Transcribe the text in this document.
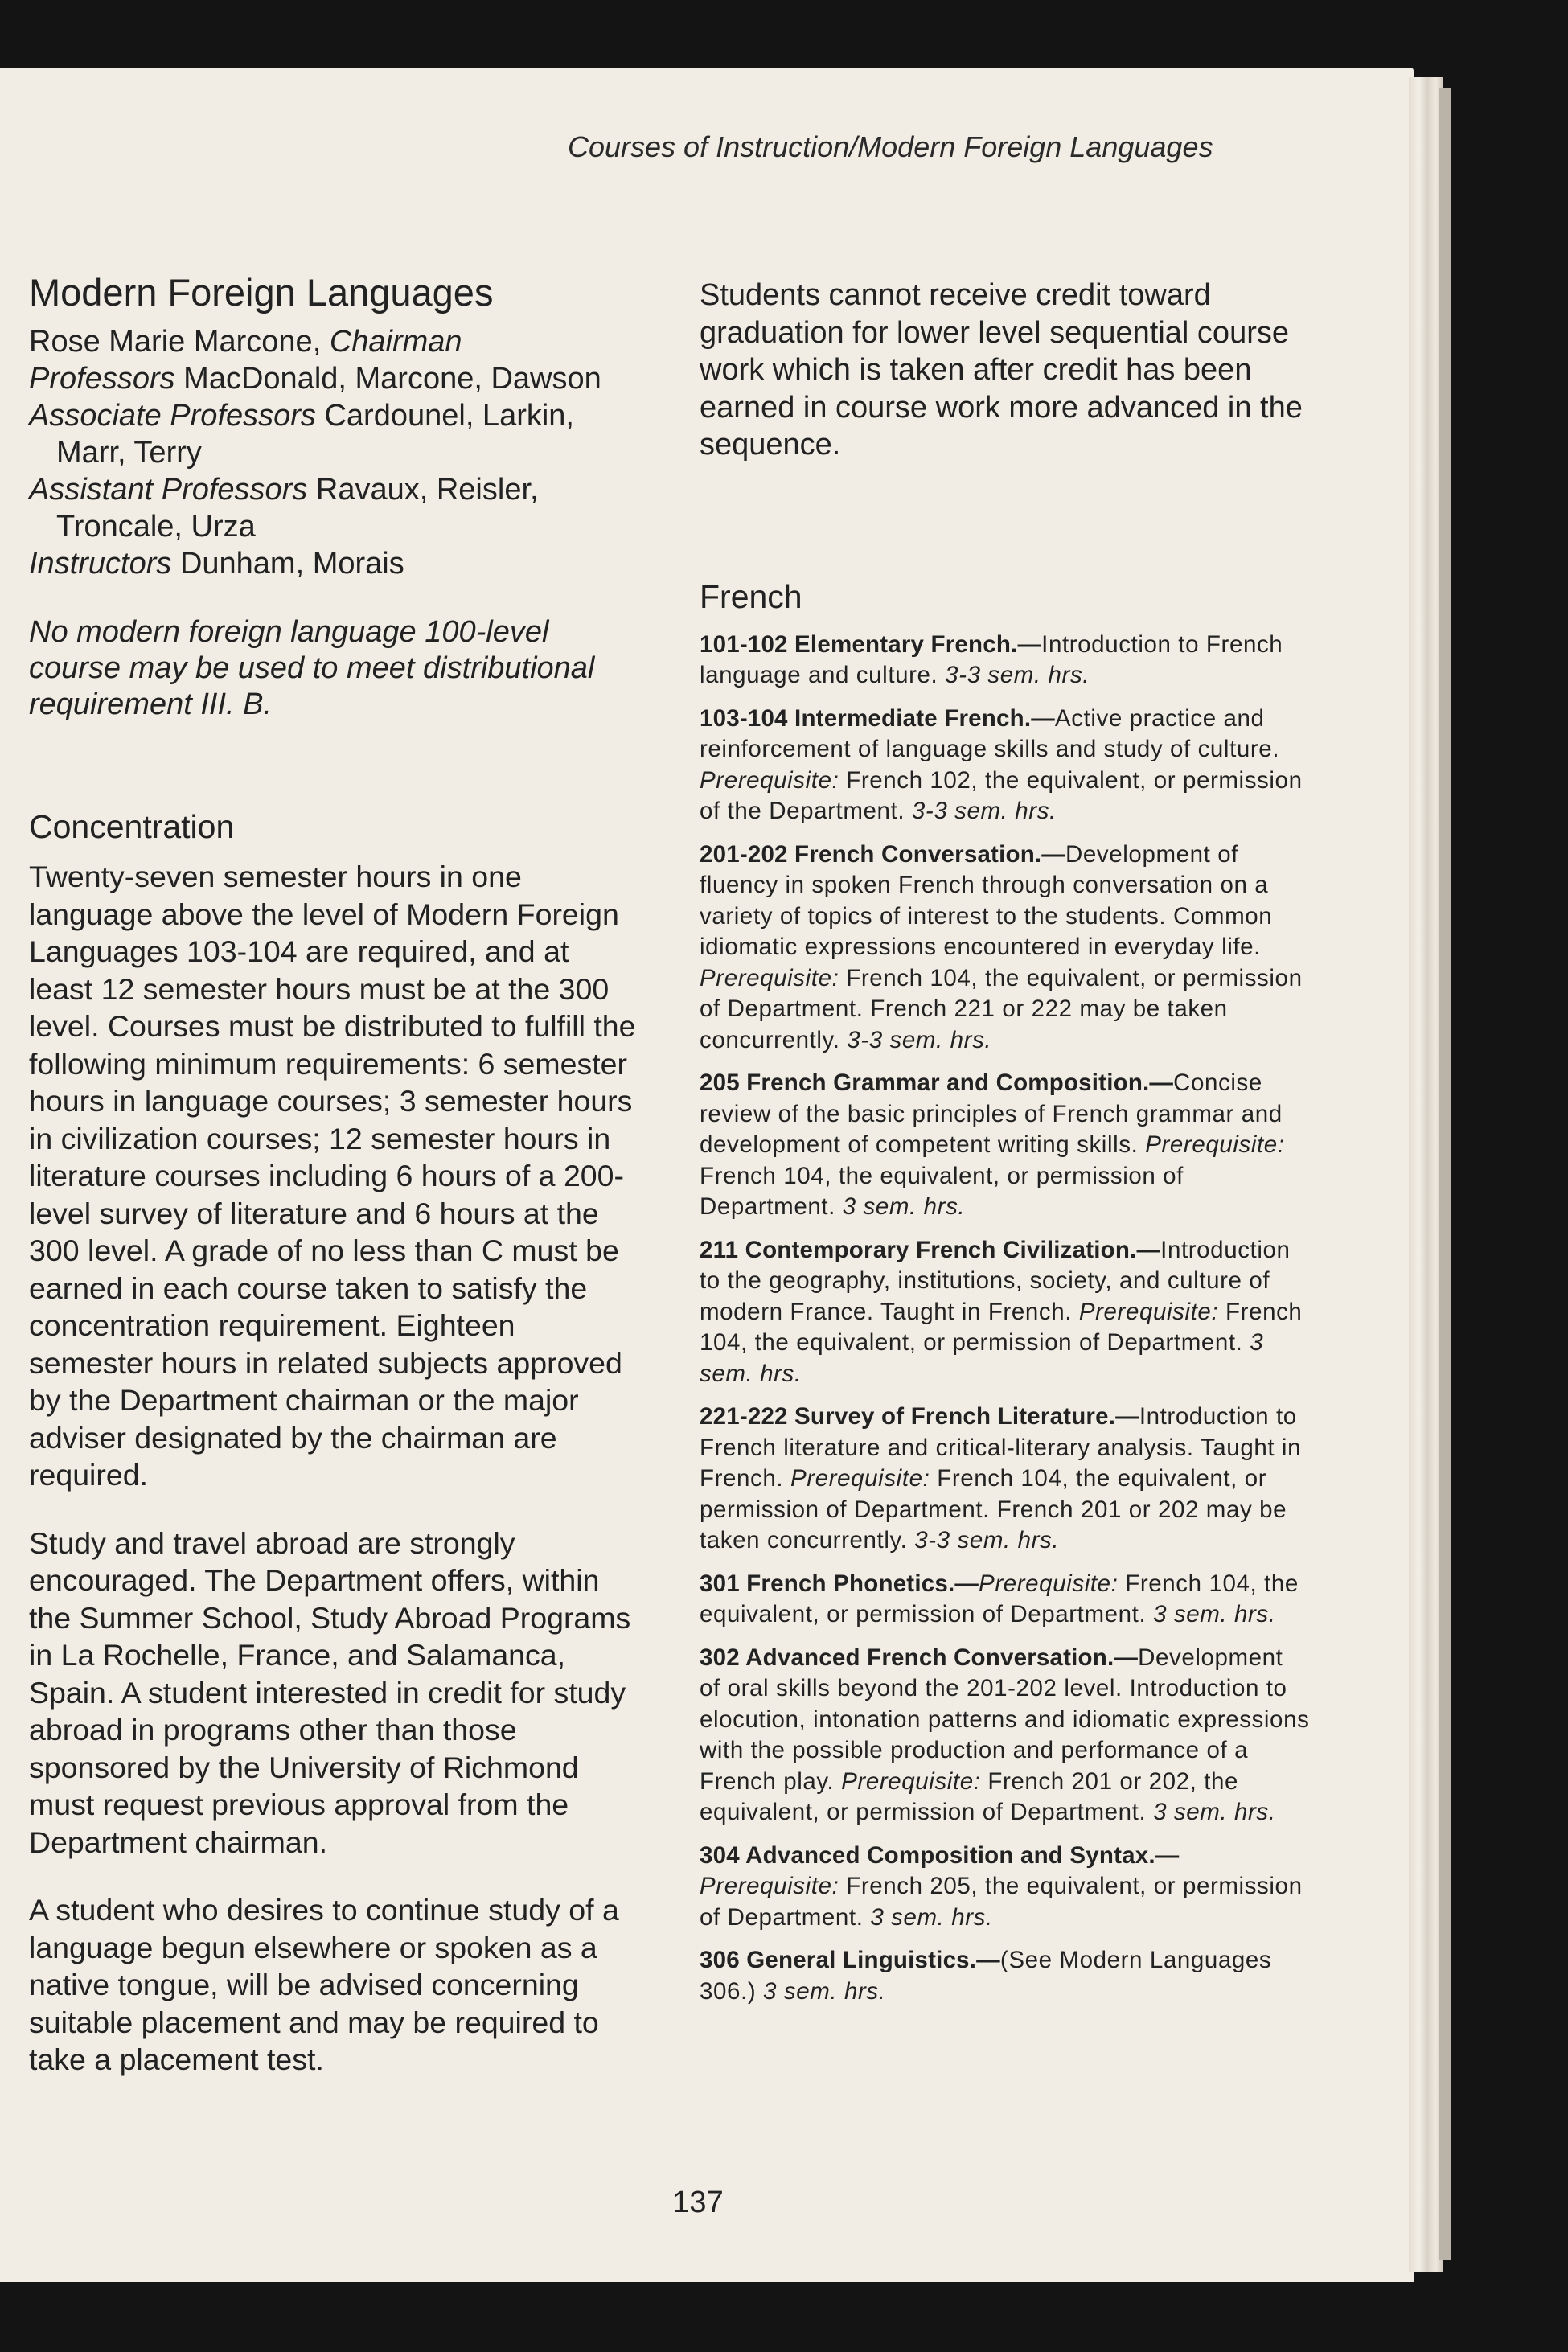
Courses of Instruction/Modern Foreign Languages
Modern Foreign Languages

Rose Marie Marcone, Chairman

Professors MacDonald, Marcone, Dawson

Associate Professors Cardounel, Larkin, Marr, Terry

Assistant Professors Ravaux, Reisler, Troncale, Urza

Instructors Dunham, Morais

No modern foreign language 100-level course may be used to meet distributional requirement III. B.

Concentration

Twenty-seven semester hours in one language above the level of Modern Foreign Languages 103-104 are required, and at least 12 semester hours must be at the 300 level. Courses must be distributed to fulfill the following minimum requirements: 6 semester hours in language courses; 3 semester hours in civilization courses; 12 semester hours in literature courses including 6 hours of a 200-level survey of literature and 6 hours at the 300 level. A grade of no less than C must be earned in each course taken to satisfy the concentration requirement. Eighteen semester hours in related subjects approved by the Department chairman or the major adviser designated by the chairman are required.

Study and travel abroad are strongly encouraged. The Department offers, within the Summer School, Study Abroad Programs in La Rochelle, France, and Salamanca, Spain. A student interested in credit for study abroad in programs other than those sponsored by the University of Richmond must request previous approval from the Department chairman.

A student who desires to continue study of a language begun elsewhere or spoken as a native tongue, will be advised concerning suitable placement and may be required to take a placement test.

Students cannot receive credit toward graduation for lower level sequential course work which is taken after credit has been earned in course work more advanced in the sequence.

French

101-102 Elementary French.—Introduction to French language and culture. 3-3 sem. hrs.

103-104 Intermediate French.—Active practice and reinforcement of language skills and study of culture. Prerequisite: French 102, the equivalent, or permission of the Department. 3-3 sem. hrs.

201-202 French Conversation.—Development of fluency in spoken French through conversation on a variety of topics of interest to the students. Common idiomatic expressions encountered in everyday life. Prerequisite: French 104, the equivalent, or permission of Department. French 221 or 222 may be taken concurrently. 3-3 sem. hrs.

205 French Grammar and Composition.—Concise review of the basic principles of French grammar and development of competent writing skills. Prerequisite: French 104, the equivalent, or permission of Department. 3 sem. hrs.

211 Contemporary French Civilization.—Introduction to the geography, institutions, society, and culture of modern France. Taught in French. Prerequisite: French 104, the equivalent, or permission of Department. 3 sem. hrs.

221-222 Survey of French Literature.—Introduction to French literature and critical-literary analysis. Taught in French. Prerequisite: French 104, the equivalent, or permission of Department. French 201 or 202 may be taken concurrently. 3-3 sem. hrs.

301 French Phonetics.—Prerequisite: French 104, the equivalent, or permission of Department. 3 sem. hrs.

302 Advanced French Conversation.—Development of oral skills beyond the 201-202 level. Introduction to elocution, intonation patterns and idiomatic expressions with the possible production and performance of a French play. Prerequisite: French 201 or 202, the equivalent, or permission of Department. 3 sem. hrs.

304 Advanced Composition and Syntax.—Prerequisite: French 205, the equivalent, or permission of Department. 3 sem. hrs.

306 General Linguistics.—(See Modern Languages 306.) 3 sem. hrs.

137
